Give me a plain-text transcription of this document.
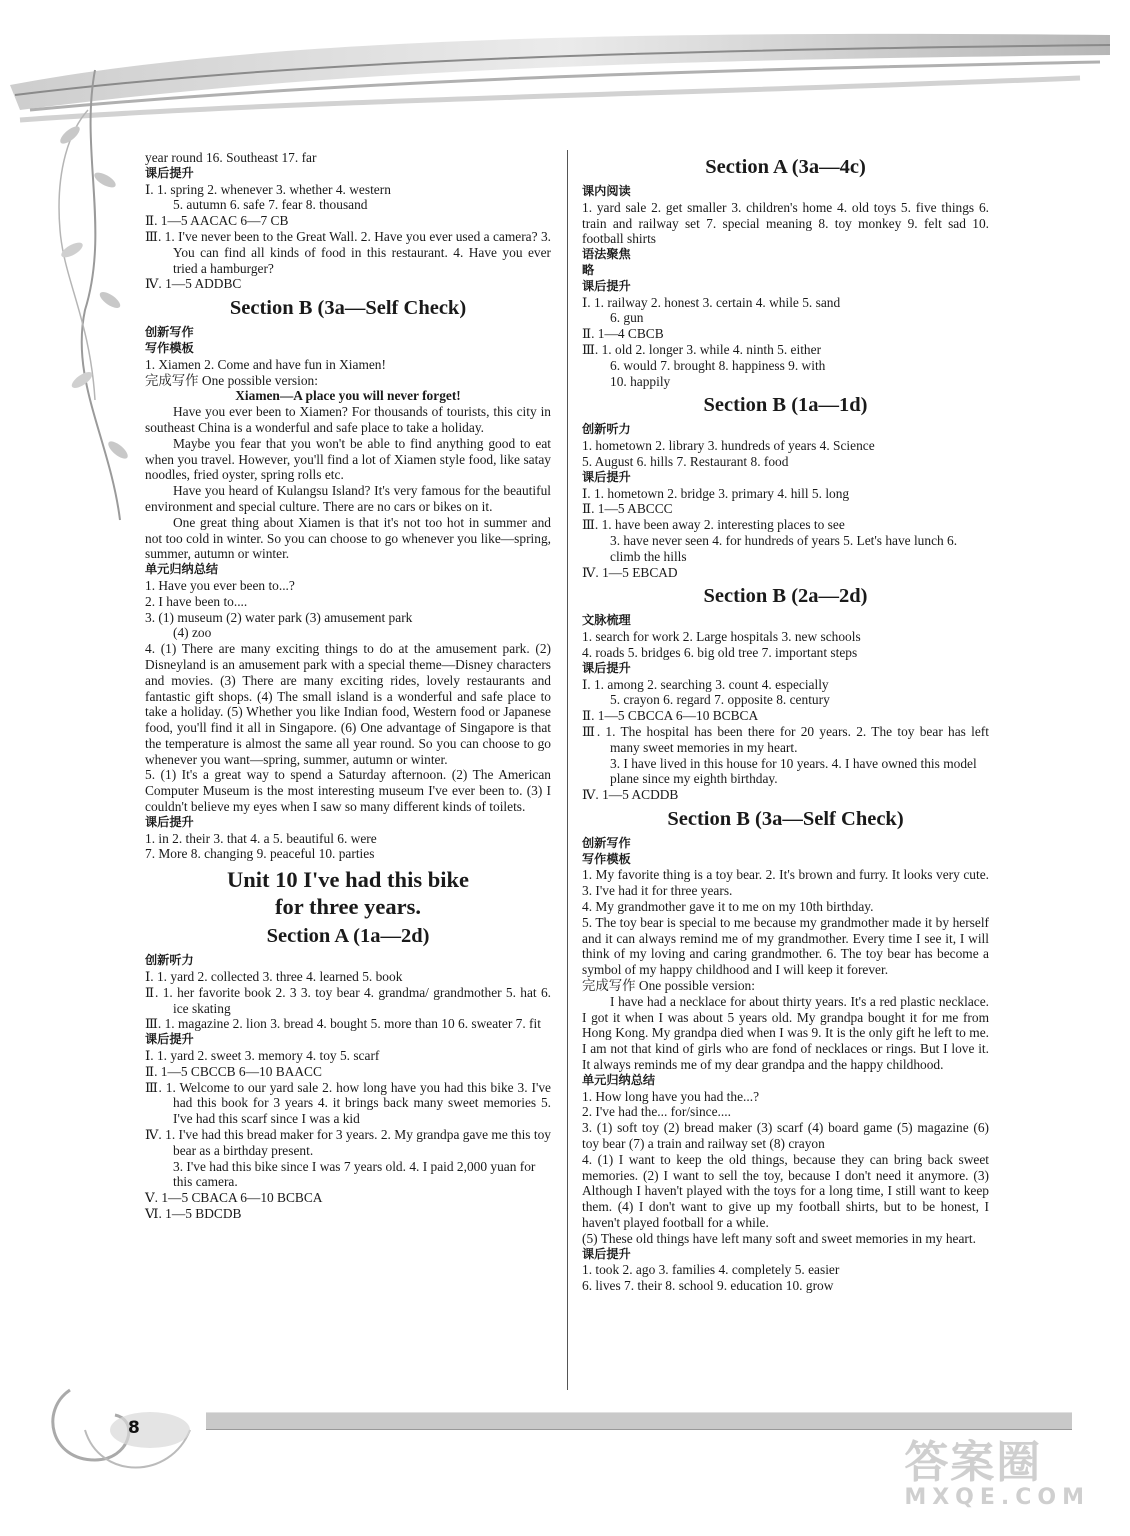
8
答案圈
MXQE.COM

year round 16. Southeast 17. far

课后提升

Ⅰ. 1. spring 2. whenever 3. whether 4. western

5. autumn 6. safe 7. fear 8. thousand

Ⅱ. 1—5 AACAC 6—7 CB

Ⅲ. 1. I've never been to the Great Wall. 2. Have you ever used a camera? 3. You can find all kinds of food in this restaurant. 4. Have you ever tried a hamburger?

Ⅳ. 1—5 ADDBC

Section B (3a—Self Check)

创新写作

写作模板

1. Xiamen 2. Come and have fun in Xiamen!

完成写作 One possible version:

Xiamen—A place you will never forget!

Have you ever been to Xiamen? For thousands of tourists, this city in southeast China is a wonderful and safe place to take a holiday.

Maybe you fear that you won't be able to find anything good to eat when you travel. However, you'll find a lot of Xiamen style food, like satay noodles, fried oyster, spring rolls etc.

Have you heard of Kulangsu Island? It's very famous for the beautiful environment and special culture. There are no cars or bikes on it.

One great thing about Xiamen is that it's not too hot in summer and not too cold in winter. So you can choose to go whenever you like—spring, summer, autumn or winter.

单元归纳总结

1. Have you ever been to...?

2. I have been to....

3. (1) museum (2) water park (3) amusement park

(4) zoo

4. (1) There are many exciting things to do at the amusement park. (2) Disneyland is an amusement park with a special theme—Disney characters and movies. (3) There are many exciting rides, lovely restaurants and fantastic gift shops. (4) The small island is a wonderful and safe place to take a holiday. (5) Whether you like Indian food, Western food or Japanese food, you'll find it all in Singapore. (6) One advantage of Singapore is that the temperature is almost the same all year round. So you can choose to go whenever you want—spring, summer, autumn or winter.

5. (1) It's a great way to spend a Saturday afternoon. (2) The American Computer Museum is the most interesting museum I've ever been to. (3) I couldn't believe my eyes when I saw so many different kinds of toilets.

课后提升

1. in 2. their 3. that 4. a 5. beautiful 6. were

7. More 8. changing 9. peaceful 10. parties

Unit 10 I've had this bike
for three years.
Section A (1a—2d)

创新听力

Ⅰ. 1. yard 2. collected 3. three 4. learned 5. book

Ⅱ. 1. her favorite book 2. 3 3. toy bear 4. grandma/ grandmother 5. hat 6. ice skating

Ⅲ. 1. magazine 2. lion 3. bread 4. bought 5. more than 10 6. sweater 7. fit

课后提升

Ⅰ. 1. yard 2. sweet 3. memory 4. toy 5. scarf

Ⅱ. 1—5 CBCCB 6—10 BAACC

Ⅲ. 1. Welcome to our yard sale 2. how long have you had this bike 3. I've had this book for 3 years 4. it brings back many sweet memories 5. I've had this scarf since I was a kid

Ⅳ. 1. I've had this bread maker for 3 years. 2. My grandpa gave me this toy bear as a birthday present.

3. I've had this bike since I was 7 years old. 4. I paid 2,000 yuan for this camera.

Ⅴ. 1—5 CBACA 6—10 BCBCA

Ⅵ. 1—5 BDCDB

Section A (3a—4c)

课内阅读

1. yard sale 2. get smaller 3. children's home 4. old toys 5. five things 6. train and railway set 7. special meaning 8. toy monkey 9. felt sad 10. football shirts

语法聚焦

略

课后提升

Ⅰ. 1. railway 2. honest 3. certain 4. while 5. sand

6. gun

Ⅱ. 1—4 CBCB

Ⅲ. 1. old 2. longer 3. while 4. ninth 5. either

6. would 7. brought 8. happiness 9. with

10. happily

Section B (1a—1d)

创新听力

1. hometown 2. library 3. hundreds of years 4. Science

5. August 6. hills 7. Restaurant 8. food

课后提升

Ⅰ. 1. hometown 2. bridge 3. primary 4. hill 5. long

Ⅱ. 1—5 ABCCC

Ⅲ. 1. have been away 2. interesting places to see

3. have never seen 4. for hundreds of years 5. Let's have lunch 6. climb the hills

Ⅳ. 1—5 EBCAD

Section B (2a—2d)

文脉梳理

1. search for work 2. Large hospitals 3. new schools

4. roads 5. bridges 6. big old tree 7. important steps

课后提升

Ⅰ. 1. among 2. searching 3. count 4. especially

5. crayon 6. regard 7. opposite 8. century

Ⅱ. 1—5 CBCCA 6—10 BCBCA

Ⅲ. 1. The hospital has been there for 20 years. 2. The toy bear has left many sweet memories in my heart.

3. I have lived in this house for 10 years. 4. I have owned this model plane since my eighth birthday.

Ⅳ. 1—5 ACDDB

Section B (3a—Self Check)

创新写作

写作模板

1. My favorite thing is a toy bear. 2. It's brown and furry. It looks very cute. 3. I've had it for three years.

4. My grandmother gave it to me on my 10th birthday.

5. The toy bear is special to me because my grandmother made it by herself and it can always remind me of my grandmother. Every time I see it, I will think of my loving and caring grandmother. 6. The toy bear has become a symbol of my happy childhood and I will keep it forever.

完成写作 One possible version:

I have had a necklace for about thirty years. It's a red plastic necklace. I got it when I was about 5 years old. My grandpa bought it for me from Hong Kong. My grandpa died when I was 9. It is the only gift he left to me. I am not that kind of girls who are fond of necklaces or rings. But I love it. It always reminds me of my dear grandpa and the happy childhood.

单元归纳总结

1. How long have you had the...?

2. I've had the... for/since....

3. (1) soft toy (2) bread maker (3) scarf (4) board game (5) magazine (6) toy bear (7) a train and railway set (8) crayon

4. (1) I want to keep the old things, because they can bring back sweet memories. (2) I want to sell the toy, because I don't need it anymore. (3) Although I haven't played with the toys for a long time, I still want to keep them. (4) I don't want to give up my football shirts, but to be honest, I haven't played football for a while.

(5) These old things have left many soft and sweet memories in my heart.

课后提升

1. took 2. ago 3. families 4. completely 5. easier

6. lives 7. their 8. school 9. education 10. grow
